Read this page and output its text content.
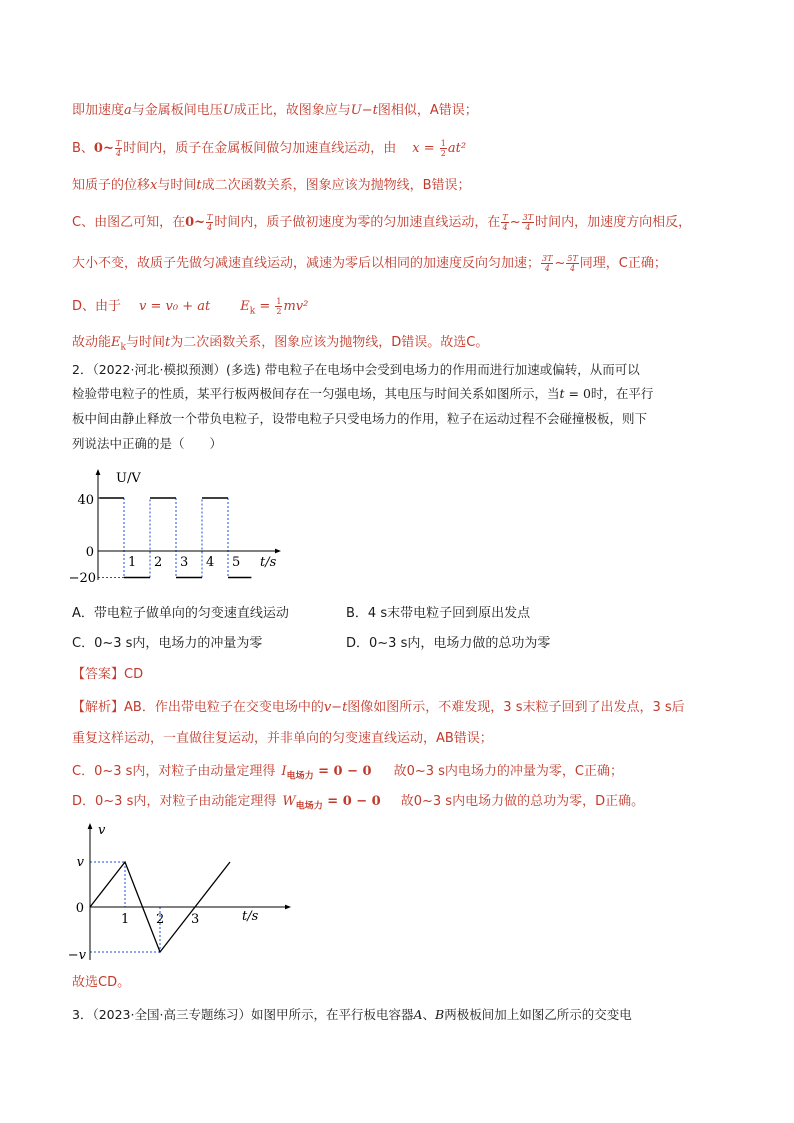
即加速度a与金属板间电压U成正比，故图象应与U−t图相似，A错误；
B、0~ $\frac{T}{4}$ 时间内，质子在金属板间做匀加速直线运动，由 $x = \frac{1}{2} at^2$
知质子的位移x与时间t成二次函数关系，图象应该为抛物线，B错误；
C、由图乙可知，在0~ $\frac{T}{4}$ 时间内，质子做初速度为零的匀加速直线运动，在 $\frac{T}{4}$ ~ $\frac{3T}{4}$ 时间内，加速度方向相反，
大小不变，故质子先做匀减速直线运动，减速为零后以相同的加速度反向匀加速； $\frac{3T}{4}$ ~ $\frac{5T}{4}$ 同理，C正确；
D、由于 v = v₀ + at $E_k = \frac{1}{2} mv^2$
故动能$E_k$与时间t为二次函数关系，图象应该为抛物线，D错误。故选C。
2．（2022·河北·模拟预测）(多选) 带电粒子在电场中会受到电场力的作用而进行加速或偏转，从而可以
检验带电粒子的性质，某平行板两极间存在一匀强电场，其电压与时间关系如图所示，当t = 0时，在平行
板中间由静止释放一个带负电粒子，设带电粒子只受电场力的作用，粒子在运动过程不会碰撞极板，则下
列说法中正确的是（　　）
U/V
t/s
40
0
−20
1 2 3 4 5
A．带电粒子做单向的匀变速直线运动	B．4 s末带电粒子回到原出发点
C．0~3 s内，电场力的冲量为零	D．0~3 s内，电场力做的总功为零
【答案】CD
【解析】AB．作出带电粒子在交变电场中的v−t图像如图所示，不难发现，3 s末粒子回到了出发点，3 s后
重复这样运动，一直做往复运动，并非单向的匀变速直线运动，AB错误；
C．0~3 s内，对粒子由动量定理得 $I_{电场力} = 0 - 0$ 故0~3 s内电场力的冲量为零，C正确；
D．0~3 s内，对粒子由动能定理得 $W_{电场力} = 0 - 0$ 故0~3 s内电场力做的总功为零，D正确。
v
t/s
v
0
−v
1 2 3
故选CD。
3．（2023·全国·高三专题练习）如图甲所示，在平行板电容器A、B两极板间加上如图乙所示的交变电
